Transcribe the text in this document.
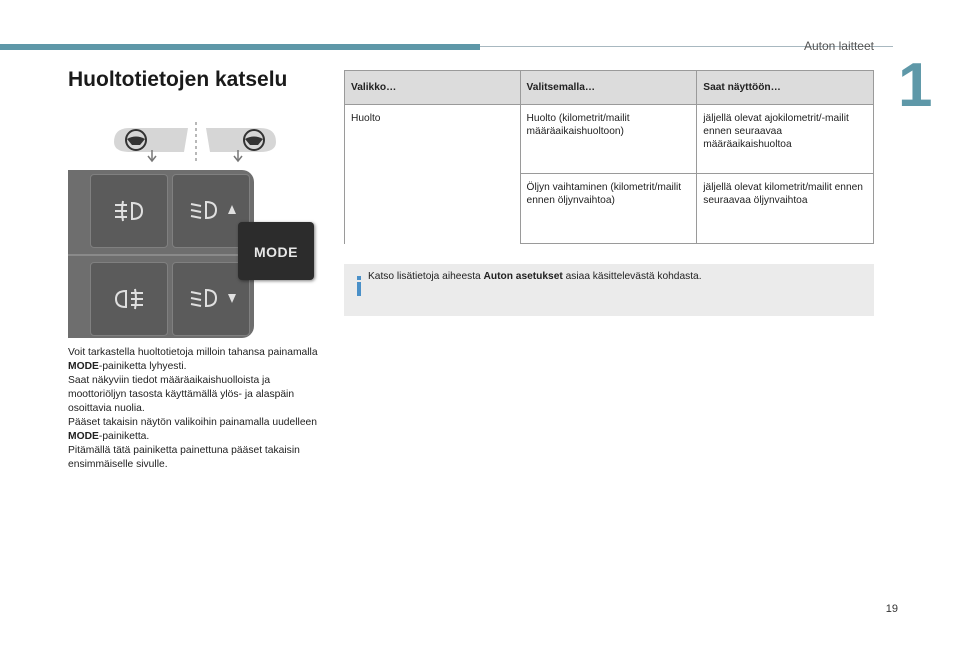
Auton laitteet
1
Huoltotietojen katselu
MODE

Voit tarkastella huoltotietoja milloin tahansa painamalla MODE-painiketta lyhyesti.

Saat näkyviin tiedot määräaikaishuolloista ja moottoriöljyn tasosta käyttämällä ylös- ja alaspäin osoittavia nuolia.

Pääset takaisin näytön valikoihin painamalla uudelleen MODE-painiketta.

Pitämällä tätä painiketta painettuna pääset takaisin ensimmäiselle sivulle.

Valikko…	Valitsemalla…	Saat näyttöön…
Huolto	Huolto (kilometrit/mailit määräaikaishuoltoon)	jäljellä olevat ajokilometrit/-mailit ennen seuraavaa määräaikaishuoltoa
	Öljyn vaihtaminen (kilometrit/mailit ennen öljynvaihtoa)	jäljellä olevat kilometrit/mailit ennen seuraavaa öljynvaihtoa
Katso lisätietoja aiheesta Auton asetukset asiaa käsittelevästä kohdasta.
19
